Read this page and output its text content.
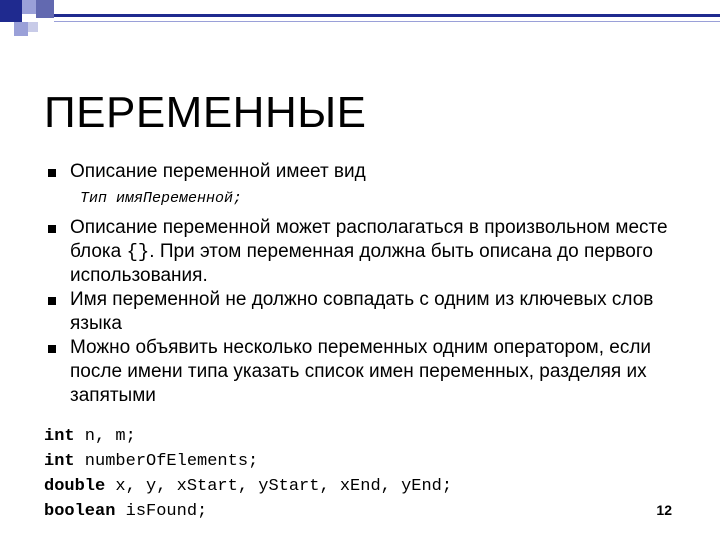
ПЕРЕМЕННЫЕ
Описание переменной имеет вид
Тип имяПеременной;
Описание переменной может располагаться в произвольном месте блока {}. При этом переменная должна быть описана до первого использования.
Имя переменной не должно совпадать с одним из ключевых слов языка
Можно объявить несколько переменных одним оператором, если после имени типа указать список имен переменных, разделяя их запятыми
int n, m;
int numberOfElements;
double x, y, xStart, yStart, xEnd, yEnd;
boolean isFound;	12
